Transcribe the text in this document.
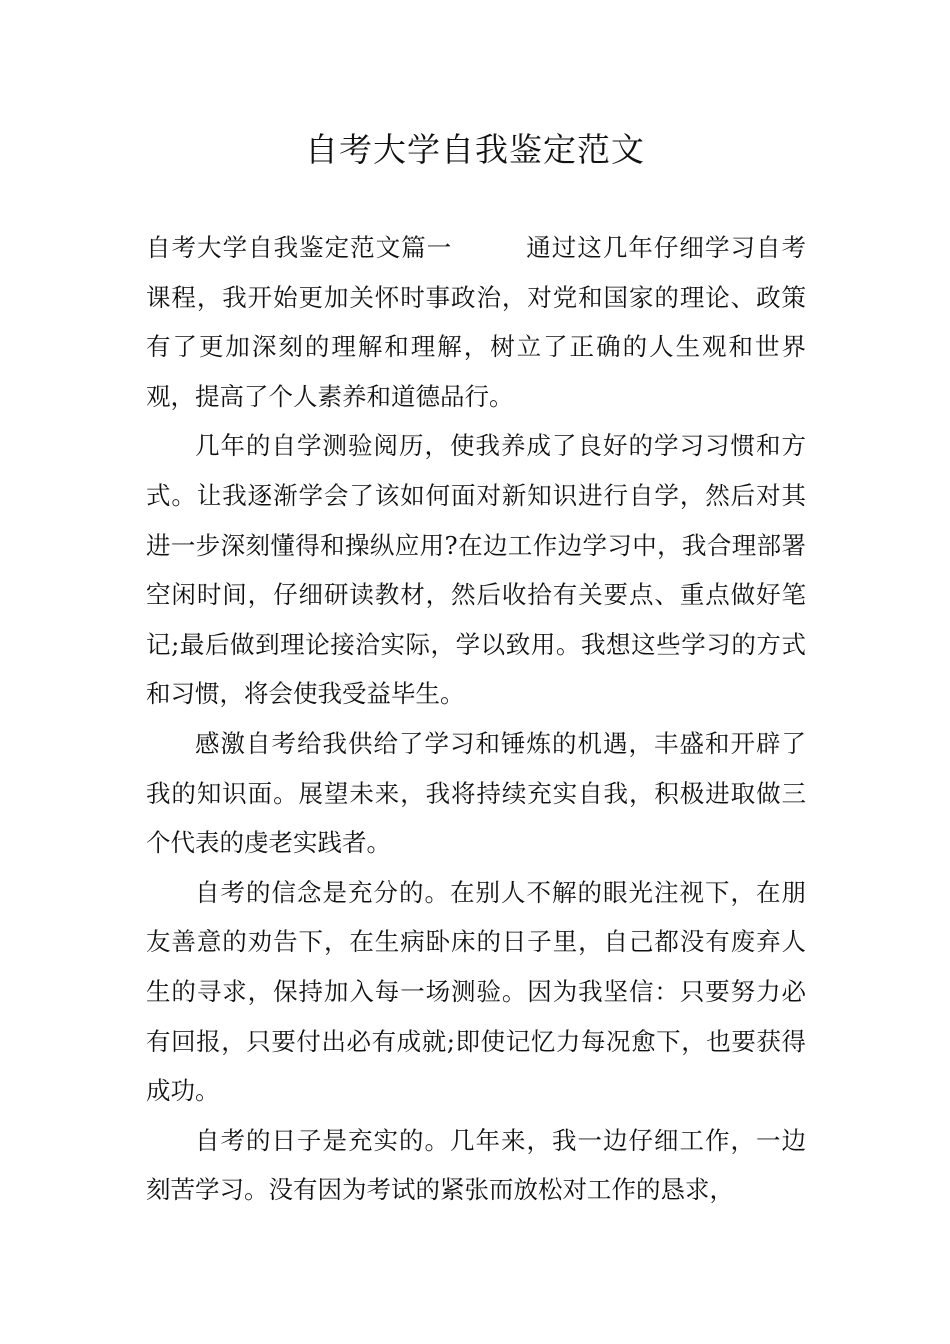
自考大学自我鉴定范文

自考大学自我鉴定范文篇一	通过这几年仔细学习自考课程，我开始更加关怀时事政治，对党和国家的理论、政策有了更加深刻的理解和理解，树立了正确的人生观和世界观，提高了个人素养和道德品行。

几年的自学测验阅历，使我养成了良好的学习习惯和方式。让我逐渐学会了该如何面对新知识进行自学，然后对其进一步深刻懂得和操纵应用?在边工作边学习中，我合理部署空闲时间，仔细研读教材，然后收拾有关要点、重点做好笔记;最后做到理论接洽实际，学以致用。我想这些学习的方式和习惯，将会使我受益毕生。

感激自考给我供给了学习和锤炼的机遇，丰盛和开辟了我的知识面。展望未来，我将持续充实自我，积极进取做三个代表的虔老实践者。

自考的信念是充分的。在别人不解的眼光注视下，在朋友善意的劝告下，在生病卧床的日子里，自己都没有废弃人生的寻求，保持加入每一场测验。因为我坚信：只要努力必有回报，只要付出必有成就;即使记忆力每况愈下，也要获得成功。

自考的日子是充实的。几年来，我一边仔细工作，一边刻苦学习。没有因为考试的紧张而放松对工作的恳求，
